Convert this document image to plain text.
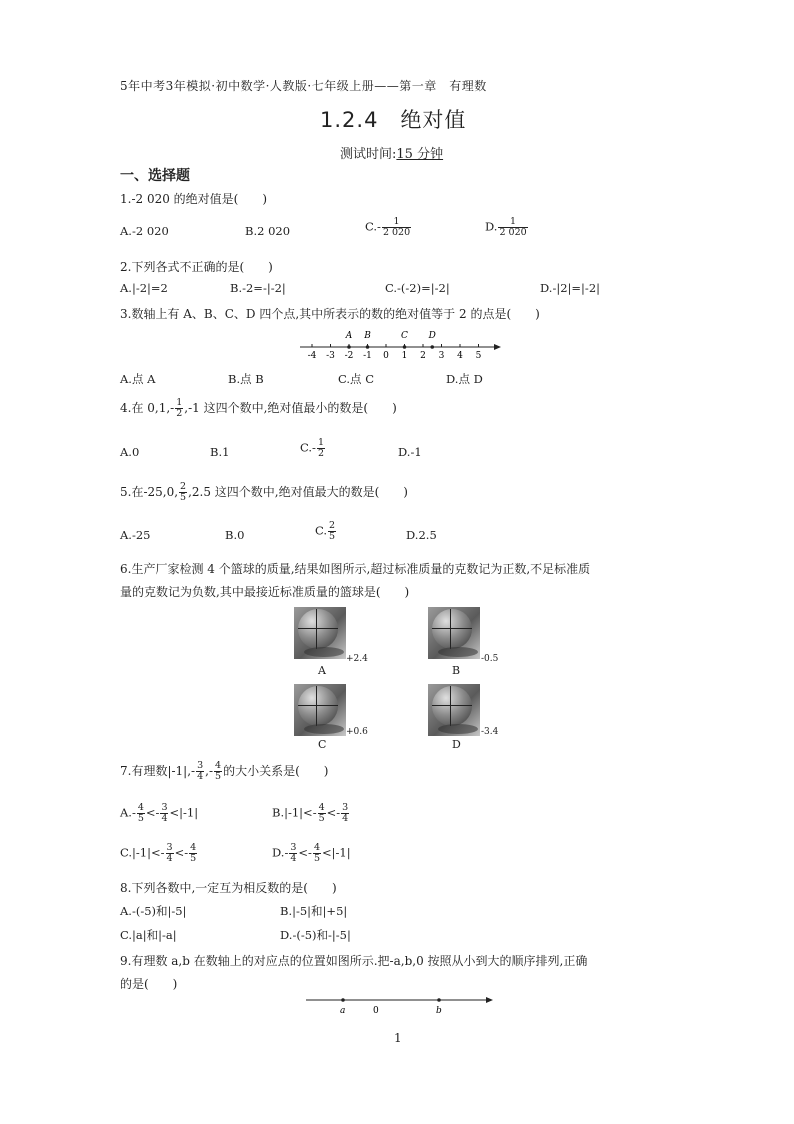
5年中考3年模拟·初中数学·人教版·七年级上册——第一章　有理数
1.2.4　绝对值
测试时间:15 分钟
一、选择题
1.-2 020 的绝对值是(　　)
A.-2 020	B.2 020	$C.- \frac{1}{2 020}$	D. $\frac{1}{2 020}$
2.下列各式不正确的是(　　)
A.|-2|=2	B.-2=-|-2|	C.-(-2)=|-2|	D.-|2|=|-2|
3.数轴上有 A、B、C、D 四个点,其中所表示的数的绝对值等于 2 的点是(　　)
-4 -3 -2 -1 0 1 2 3 4 5
A B	C D
A.点 A	B.点 B	C.点 C	D.点 D
4.在 $0,1,- \frac{1}{2} ,-1$ 这四个数中,绝对值最小的数是(　　)
A.0	B.1	$C.- \frac{1}{2}$	D.-1
5.在-25,0, $\frac{2}{5} ,2.5$ 这四个数中,绝对值最大的数是(　　)
A.-25	B.0	C. $\frac{2}{5}$	D.2.5
6.生产厂家检测 4 个篮球的质量,结果如图所示,超过标准质量的克数记为正数,不足标准质
量的克数记为负数,其中最接近标准质量的篮球是(　　)
A
+2.4
B
-0.5
C
+0.6
D
-3.4
7.有理数$|-1|,- \frac{3}{4}$ ,- $\frac{4}{5}$ 的大小关系是(　　)
$A.- \frac{4}{5} <- \frac{3}{4} <|-1|$	$B.|-1|<- \frac{4}{5} <- \frac{3}{4}$
$C.|-1|<- \frac{3}{4} <- \frac{4}{5}$	$D.- \frac{3}{4} <- \frac{4}{5} <|-1|$
8.下列各数中,一定互为相反数的是(　　)
A.-(-5)和|-5|	B.|-5|和|+5|
C.|a|和|-a|	D.-(-5)和-|-5|
9.有理数 a,b 在数轴上的对应点的位置如图所示.把-a,b,0 按照从小到大的顺序排列,正确
的是(　　)
a	0	b
1
